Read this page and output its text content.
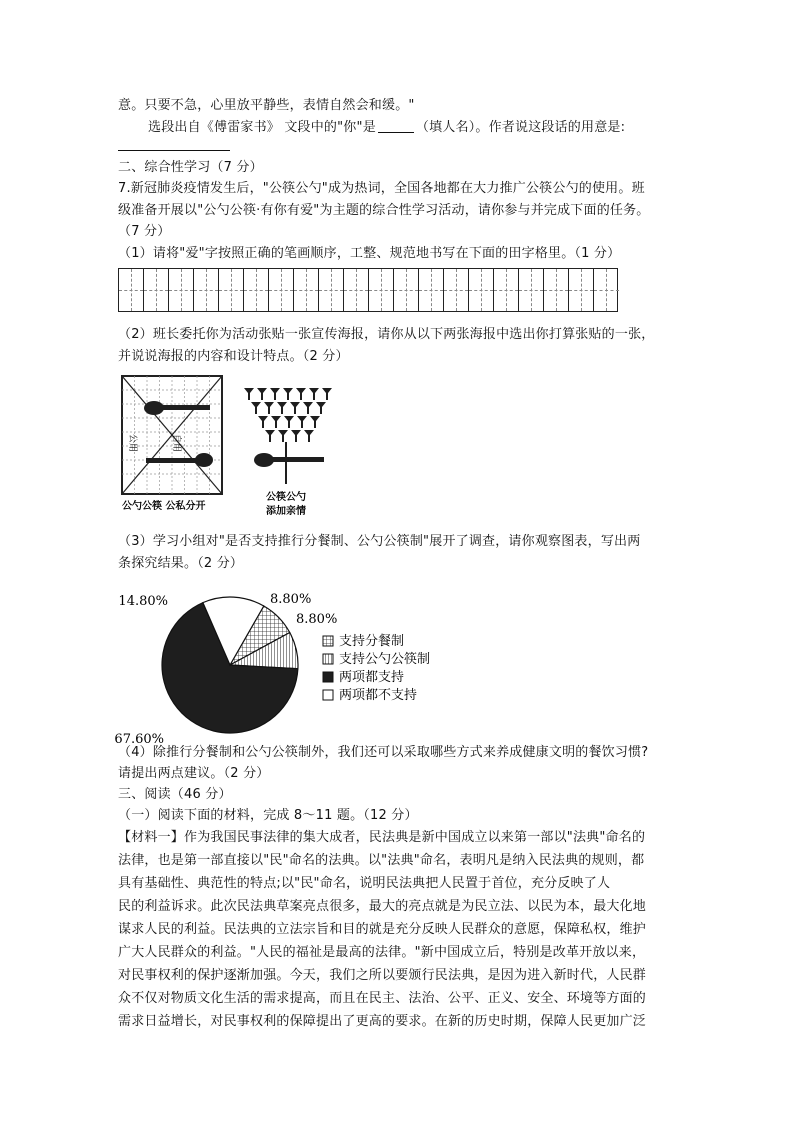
意。只要不急，心里放平静些，表情自然会和缓。"
选段出自《傅雷家书》 文段中的"你"是	（填人名）。作者说这段话的用意是:
二、综合性学习（7 分）
7.新冠肺炎疫情发生后，"公筷公勺"成为热词，全国各地都在大力推广公筷公勺的使用。班
级准备开展以"公勺公筷·有你有爱"为主题的综合性学习活动，请你参与并完成下面的任务。
（7 分）
（1）请将"爱"字按照正确的笔画顺序，工整、规范地书写在下面的田字格里。（1 分）
（2）班长委托你为活动张贴一张宣传海报，请你从以下两张海报中选出你打算张贴的一张，
并说说海报的内容和设计特点。（2 分）
公用	自用
公勺公筷 公私分开
公筷公勺
添加亲情
（3）学习小组对"是否支持推行分餐制、公勺公筷制"展开了调查，请你观察图表，写出两
条探究结果。（2 分）
8.80%
8.80%
67.60%
14.80%
支持分餐制
支持公勺公筷制
两项都支持
两项都不支持
（4）除推行分餐制和公勺公筷制外，我们还可以采取哪些方式来养成健康文明的餐饮习惯?
请提出两点建议。（2 分）
三、阅读（46 分）
（一）阅读下面的材料，完成 8～11 题。（12 分）
【材料一】作为我国民事法律的集大成者，民法典是新中国成立以来第一部以"法典"命名的
法律，也是第一部直接以"民"命名的法典。以"法典"命名，表明凡是纳入民法典的规则，都
具有基础性、典范性的特点;以"民"命名，说明民法典把人民置于首位，充分反映了人
民的利益诉求。此次民法典草案亮点很多，最大的亮点就是为民立法、以民为本，最大化地
谋求人民的利益。民法典的立法宗旨和目的就是充分反映人民群众的意愿，保障私权，维护
广大人民群众的利益。"人民的福祉是最高的法律。"新中国成立后，特别是改革开放以来，
对民事权利的保护逐渐加强。今天，我们之所以要颁行民法典，是因为进入新时代，人民群
众不仅对物质文化生活的需求提高，而且在民主、法治、公平、正义、安全、环境等方面的
需求日益增长，对民事权利的保障提出了更高的要求。在新的历史时期，保障人民更加广泛
